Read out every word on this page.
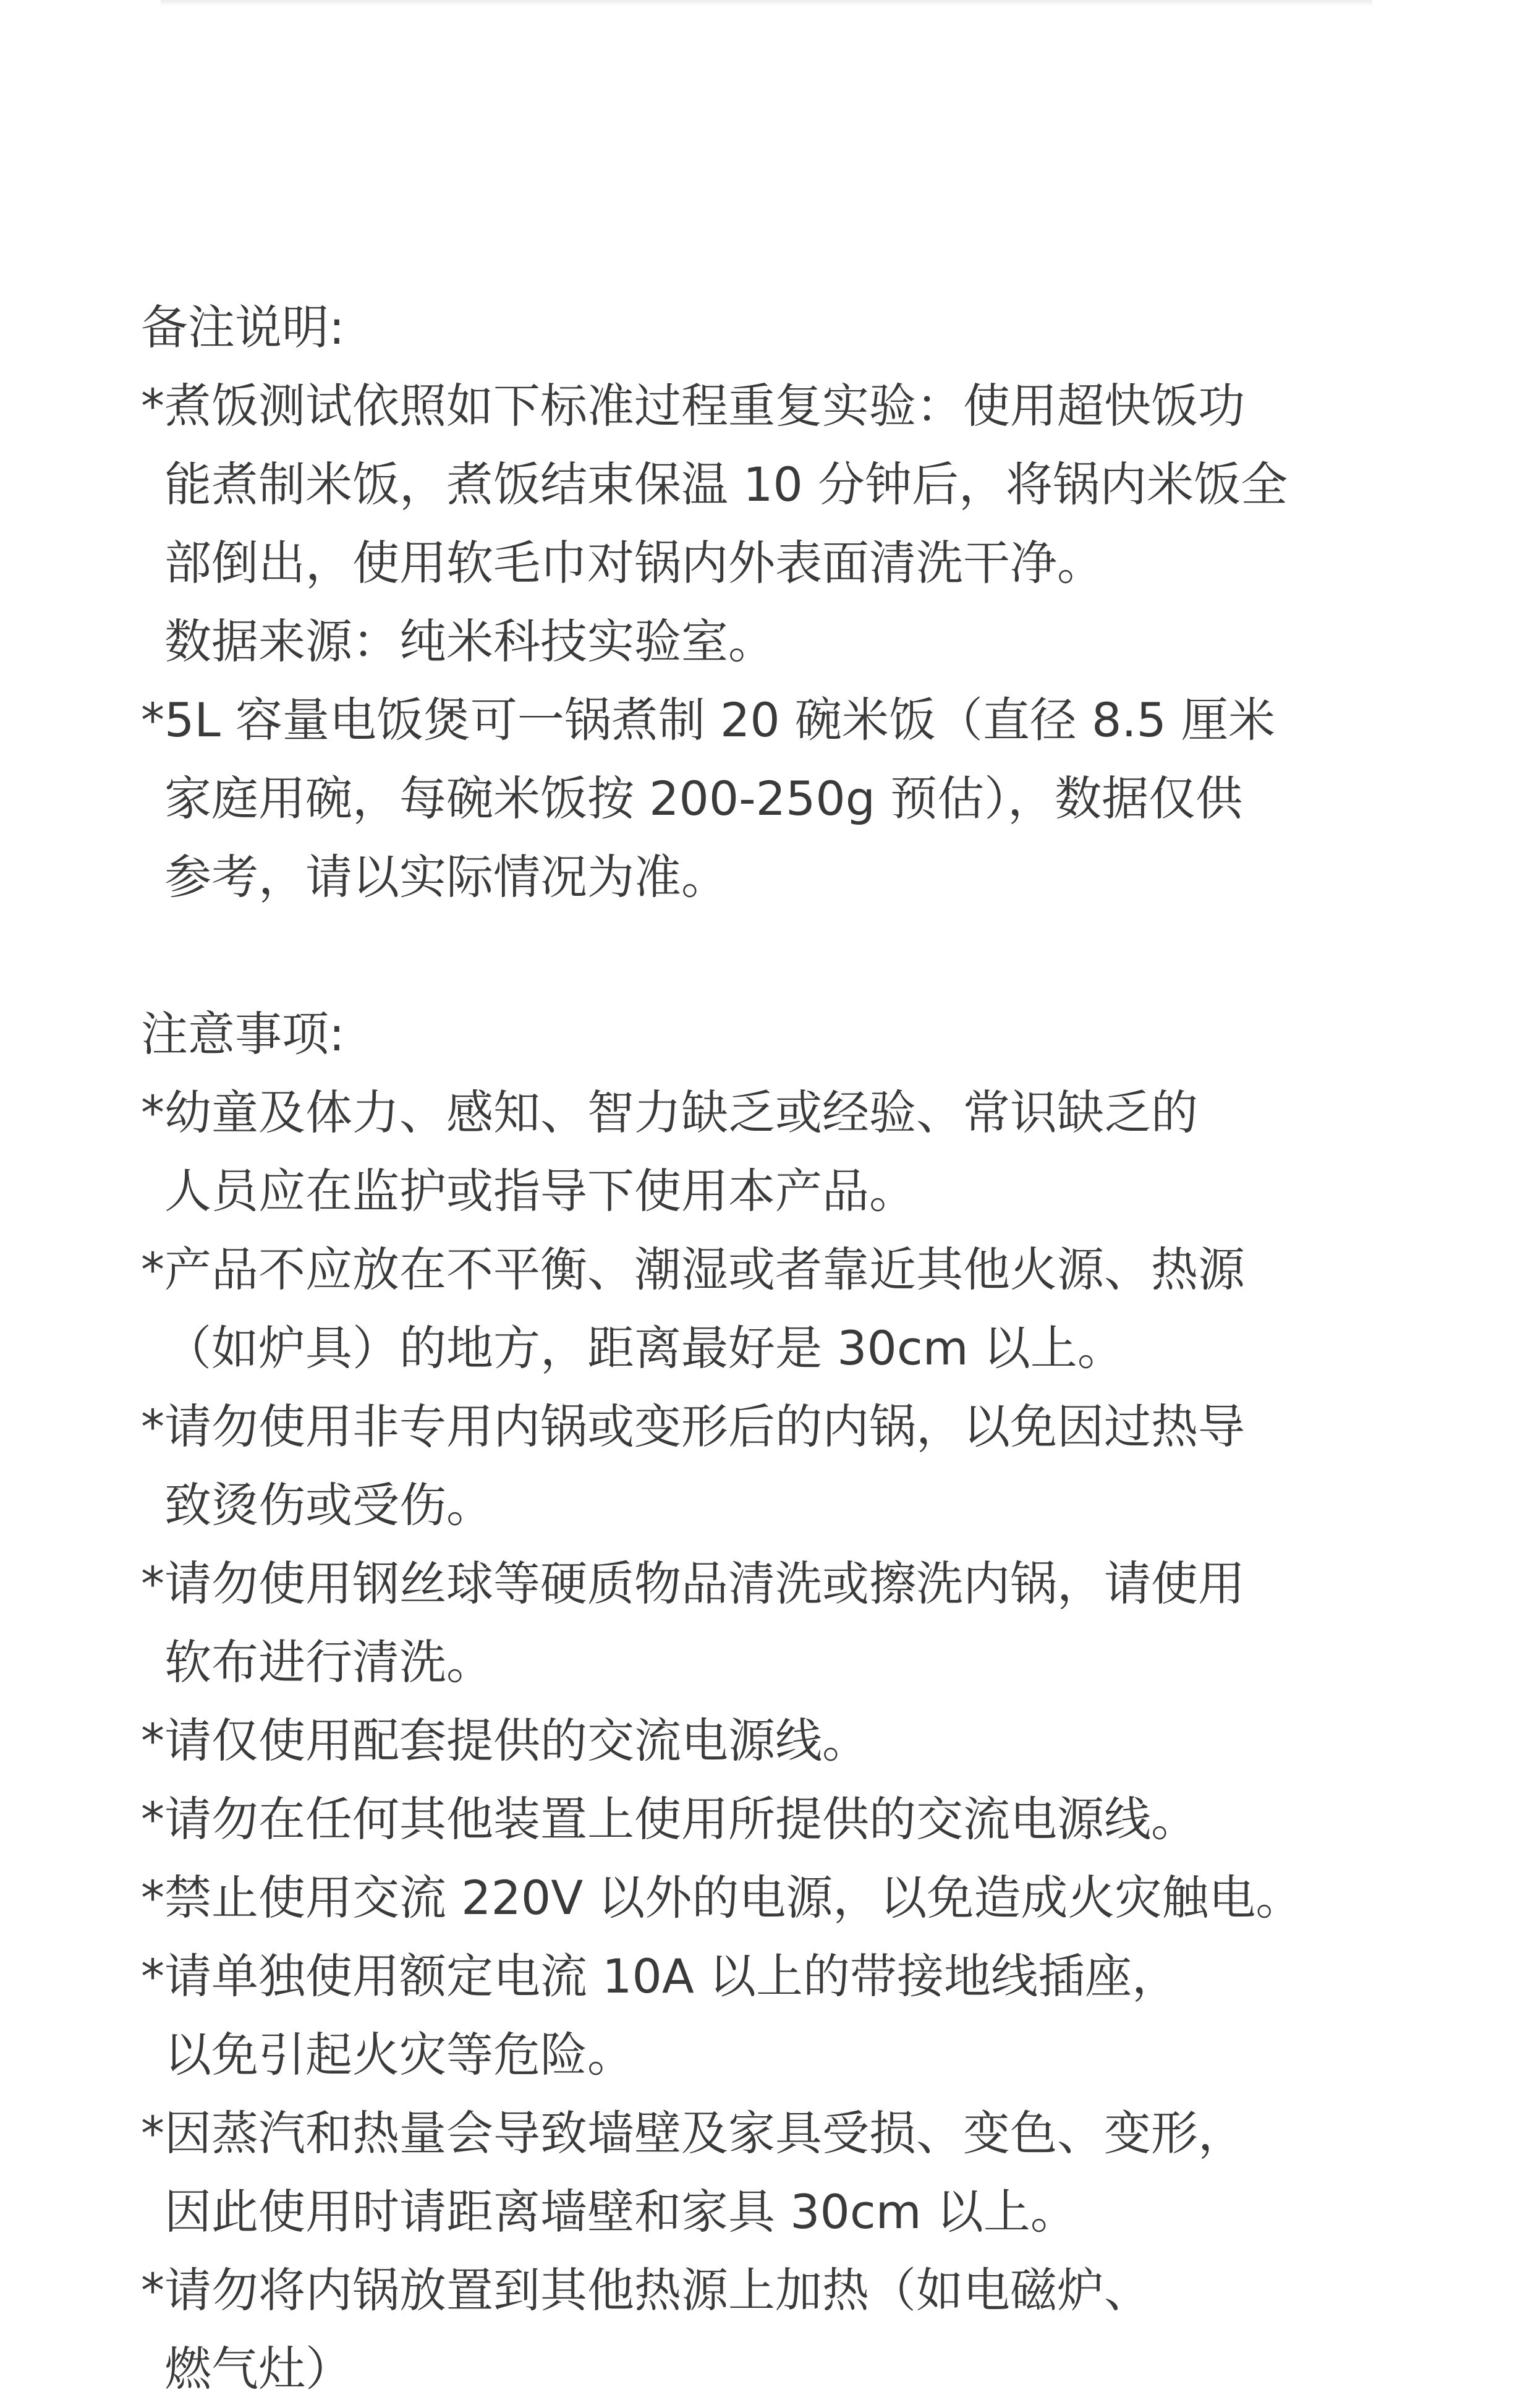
备注说明:
*煮饭测试依照如下标准过程重复实验：使用超快饭功
能煮制米饭，煮饭结束保温 10 分钟后，将锅内米饭全
部倒出，使用软毛巾对锅内外表面清洗干净。
数据来源：纯米科技实验室。
*5L 容量电饭煲可一锅煮制 20 碗米饭（直径 8.5 厘米
家庭用碗，每碗米饭按 200-250g 预估），数据仅供
参考，请以实际情况为准。
注意事项:
*幼童及体力、感知、智力缺乏或经验、常识缺乏的
人员应在监护或指导下使用本产品。
*产品不应放在不平衡、潮湿或者靠近其他火源、热源
（如炉具）的地方，距离最好是 30cm 以上。
*请勿使用非专用内锅或变形后的内锅，以免因过热导
致烫伤或受伤。
*请勿使用钢丝球等硬质物品清洗或擦洗内锅，请使用
软布进行清洗。
*请仅使用配套提供的交流电源线。
*请勿在任何其他装置上使用所提供的交流电源线。
*禁止使用交流 220V 以外的电源，以免造成火灾触电。
*请单独使用额定电流 10A 以上的带接地线插座，
以免引起火灾等危险。
*因蒸汽和热量会导致墙壁及家具受损、变色、变形，
因此使用时请距离墙壁和家具 30cm 以上。
*请勿将内锅放置到其他热源上加热（如电磁炉、
燃气灶）
